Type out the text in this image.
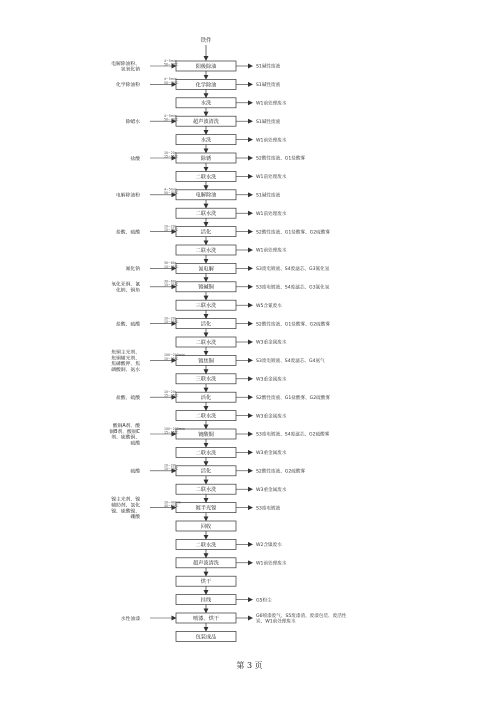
铁件
阳极除油	S1碱性废液
电解除油粉、氢氧化钠
4~5min 50~70℃
化学除油	S1碱性废液
化学除油粉
4~5min 50~70℃
水洗	W1前处理废水
超声波清洗	S1碱性废液
除蜡水
4~5min 50~70℃
水洗	W1前处理废水
除锈	S2酸性废液、G1盐酸雾
盐酸
10~20s 15~35℃
二联水洗	W1前处理废水
电解除油	S1碱性废液
电解除油粉
4~5min 50~70℃
二联水洗	W1前处理废水
活化	S2酸性废液、G1盐酸雾、G2硫酸雾
盐酸、硫酸
10~20s 15~35℃
二联水洗	W1前处理废水
氰电解	S3废电镀液、S4废滤芯、G3氰化氢
氰化钠
30~60s 15~35℃
镀碱铜	S3废电镀液、S4废滤芯、G3氰化氢
氧化亚铜、氰化钠、铜角
30~60s 15~35℃
三联水洗	W5含氰废水
活化	S2酸性废液、G1盐酸雾、G2硫酸雾
盐酸、硫酸
10~20s 15~35℃
二联水洗	W3重金属废水
镀焦铜	S3废电镀液、S4废滤芯、G4氨气
焦铜主光剂、焦铜辅光剂、焦磷酸钾、焦磷酸铜、氨水
100~200min 15~35℃
三联水洗	W3重金属废水
活化	S2酸性废液、G1盐酸雾、G2硫酸雾
盐酸、硫酸
10~20s 15~35℃
二联水洗	W3重金属废水
镀酸铜	S3废电镀液、S4废滤芯、G2硫酸雾
酸铜A剂、酸铜B剂、酸铜C 剂、硫酸铜、硫酸
100~200min 15~35℃
二联水洗	W3重金属废水
活化	S2酸性废液、G2硫酸雾
硫酸
10~20s 15~35℃
二联水洗	W3重金属废水
镀半光镍	S3废电镀液
镍主光剂、镍辅助剂、氯化镍、硫酸镍、硼酸
10~40min 40~60℃
回收
二联水洗	W2含镍废水
超声波清洗	W1前处理废水
烘干
挂线	G5粉尘
喷漆、烘干	G6喷漆废气、S5废漆渣、废漆包装、废活性炭、W1前处理废水
水性油漆
包装成品
第 3 页
